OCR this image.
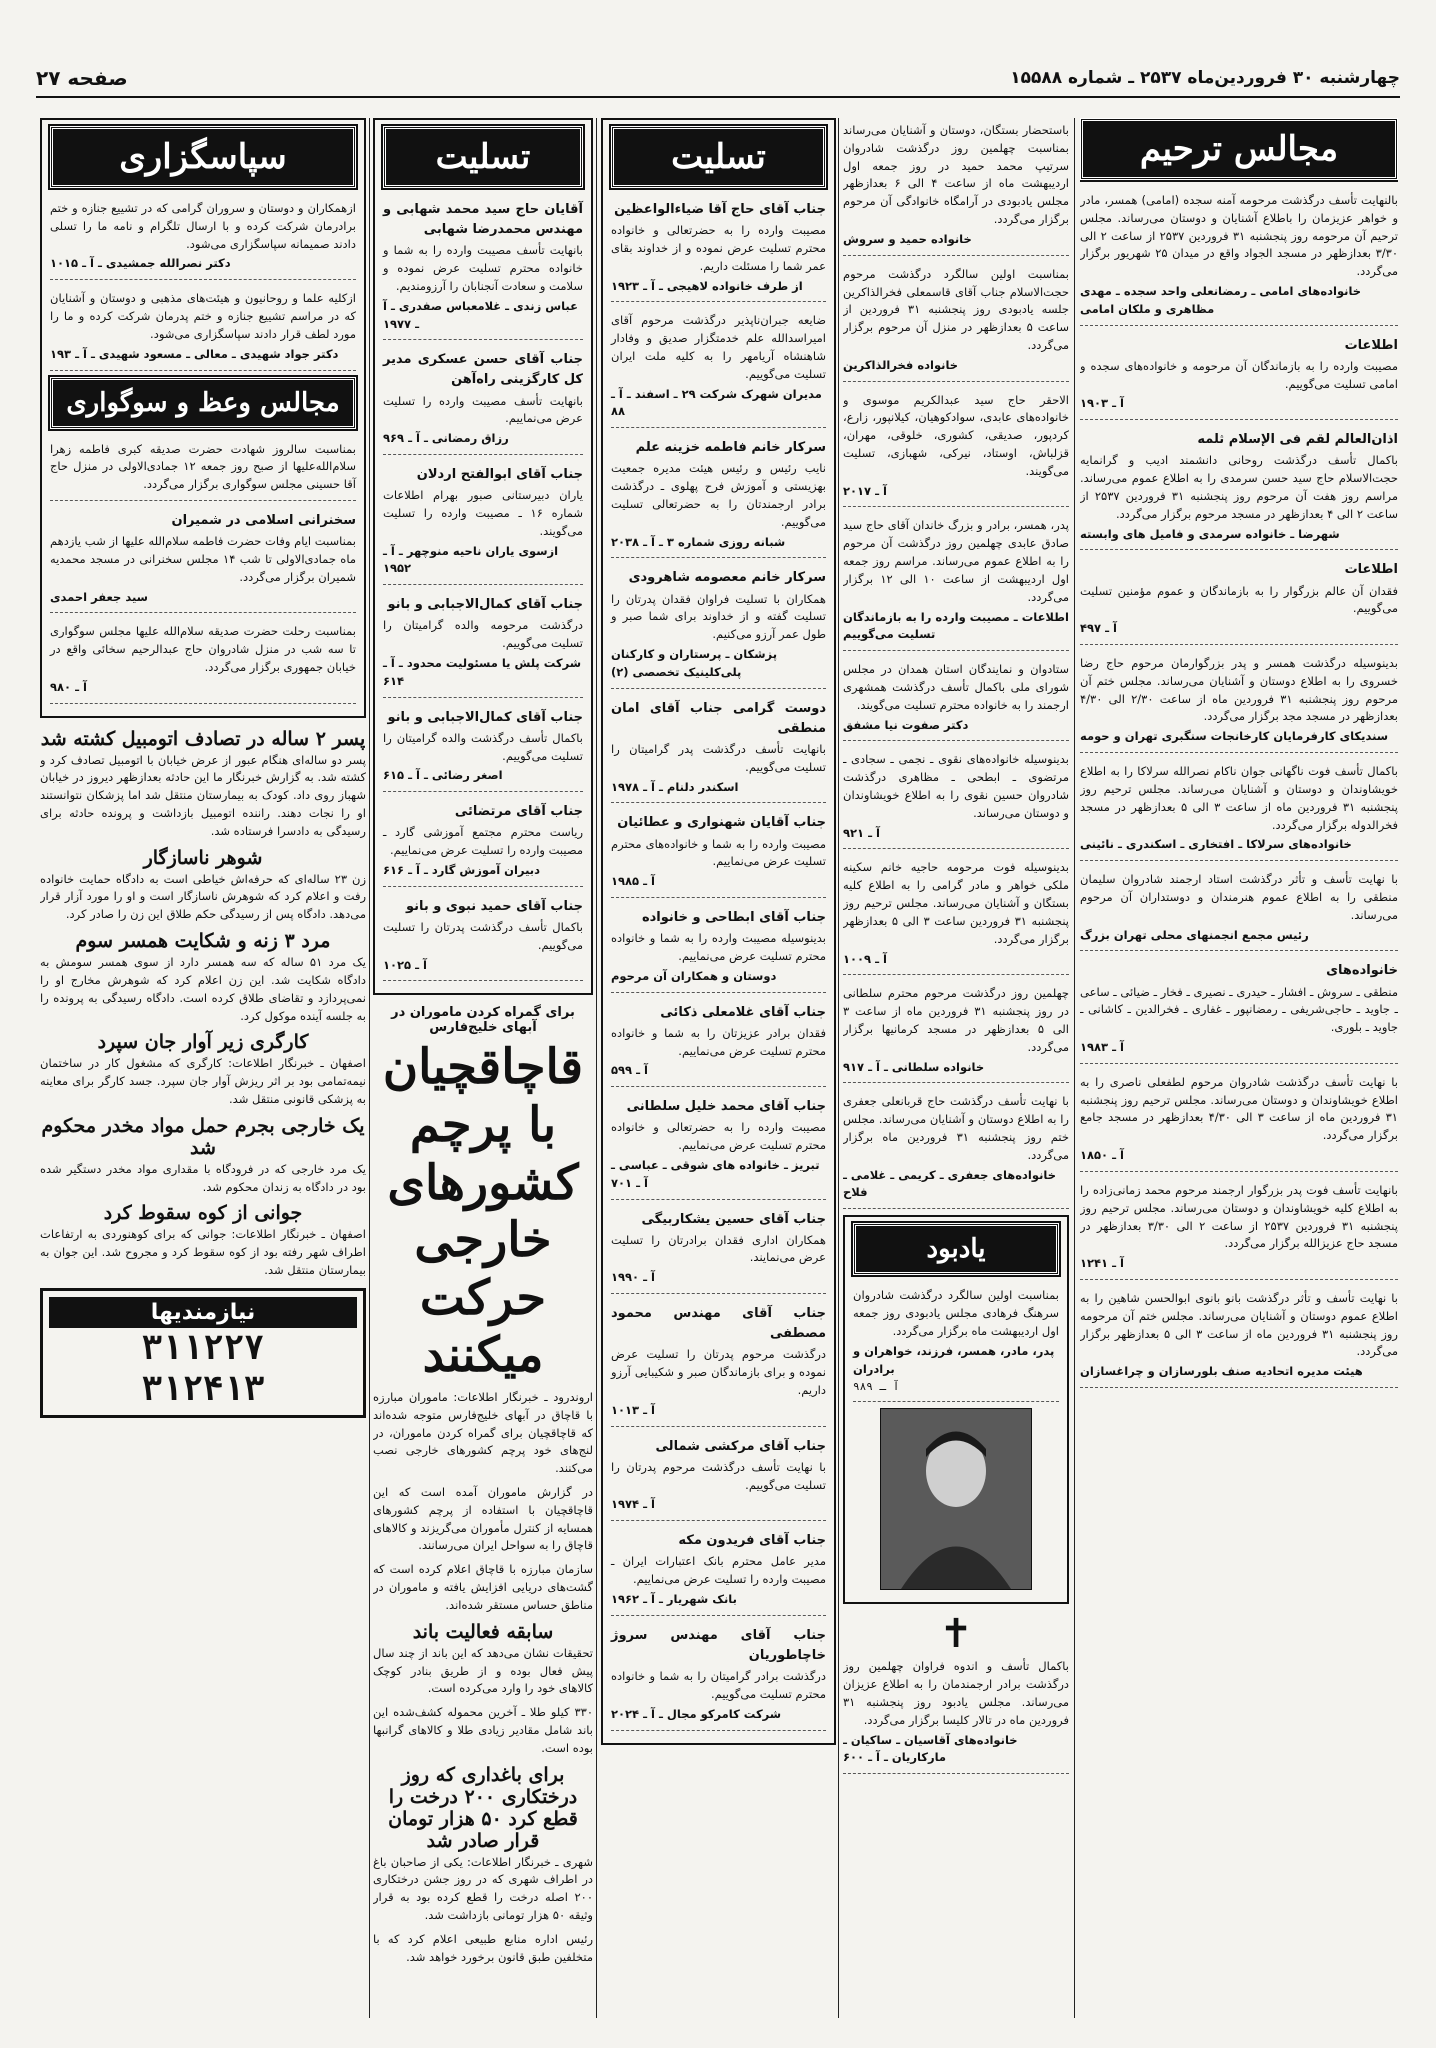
چهارشنبه ۳۰ فروردین‌ماه ۲۵۳۷ ـ شماره ۱۵۵۸۸
صفحه ۲۷
مجالس ترحیم
بالنهایت تأسف درگذشت مرحومه آمنه سجده (امامی) همسر، مادر و خواهر عزیزمان را باطلاع آشنایان و دوستان می‌رساند. مجلس ترحیم آن مرحومه روز پنجشنبه ۳۱ فروردین ۲۵۳۷ از ساعت ۲ الی ۳/۳۰ بعدازظهر در مسجد الجواد واقع در میدان ۲۵ شهریور برگزار می‌گردد.
خانواده‌های امامی ـ رمضانعلی واحد سجده ـ مهدی مظاهری و ملکان امامی
اطلاعات
مصیبت وارده را به بازماندگان آن مرحومه و خانواده‌های سجده و امامی تسلیت می‌گوییم.
آ ـ ۱۹۰۳
اذان‌العالم لقم فی الإسلام ثلمه
باکمال تأسف درگذشت روحانی دانشمند ادیب و گرانمایه حجت‌الاسلام حاج سید حسن سرمدی را به اطلاع عموم می‌رساند. مراسم روز هفت آن مرحوم روز پنجشنبه ۳۱ فروردین ۲۵۳۷ از ساعت ۲ الی ۴ بعدازظهر در مسجد مرحوم برگزار می‌گردد.
شهرضا ـ خانواده سرمدی و فامیل های وابسته
اطلاعات
فقدان آن عالم بزرگوار را به بازماندگان و عموم مؤمنین تسلیت می‌گوییم.
آ ـ ۴۹۷
بدینوسیله درگذشت همسر و پدر بزرگوارمان مرحوم حاج رضا خسروی را به اطلاع دوستان و آشنایان می‌رساند. مجلس ختم آن مرحوم روز پنجشنبه ۳۱ فروردین ماه از ساعت ۲/۳۰ الی ۴/۳۰ بعدازظهر در مسجد مجد برگزار می‌گردد.
سندیکای کارفرمایان کارخانجات سنگبری تهران و حومه
باکمال تأسف فوت ناگهانی جوان ناکام نصرالله سرلاکا را به اطلاع خویشاوندان و دوستان و آشنایان می‌رساند. مجلس ترحیم روز پنجشنبه ۳۱ فروردین ماه از ساعت ۳ الی ۵ بعدازظهر در مسجد فخرالدوله برگزار می‌گردد.
خانواده‌های سرلاکا ـ افتخاری ـ اسکندری ـ نائینی
با نهایت تأسف و تأثر درگذشت استاد ارجمند شادروان سلیمان منطقی را به اطلاع عموم هنرمندان و دوستداران آن مرحوم می‌رساند.
رئیس مجمع انجمنهای محلی تهران بزرگ
خانواده‌های
منطقی ـ سروش ـ افشار ـ حیدری ـ نصیری ـ فخار ـ ضیائی ـ ساعی ـ جاوید ـ حاجی‌شریفی ـ رمضانپور ـ غفاری ـ فخرالدین ـ کاشانی ـ جاوید ـ بلوری.
آ ـ ۱۹۸۳
با نهایت تأسف درگذشت شادروان مرحوم لطفعلی ناصری را به اطلاع خویشاوندان و دوستان می‌رساند. مجلس ترحیم روز پنجشنبه ۳۱ فروردین ماه از ساعت ۳ الی ۴/۳۰ بعدازظهر در مسجد جامع برگزار می‌گردد.
آ ـ ۱۸۵۰
بانهایت تأسف فوت پدر بزرگوار ارجمند مرحوم محمد زمانی‌زاده را به اطلاع کلیه خویشاوندان و دوستان می‌رساند. مجلس ترحیم روز پنجشنبه ۳۱ فروردین ۲۵۳۷ از ساعت ۲ الی ۳/۳۰ بعدازظهر در مسجد حاج عزیزالله برگزار می‌گردد.
آ ـ ۱۲۴۱
با نهایت تأسف و تأثر درگذشت بانو بانوی ابوالحسن شاهین را به اطلاع عموم دوستان و آشنایان می‌رساند. مجلس ختم آن مرحومه روز پنجشنبه ۳۱ فروردین ماه از ساعت ۳ الی ۵ بعدازظهر برگزار می‌گردد.
هیئت مدیره اتحادیه صنف بلورسازان و چراغسازان
باستحضار بستگان، دوستان و آشنایان می‌رساند بمناسبت چهلمین روز درگذشت شادروان سرتیپ محمد حمید در روز جمعه اول اردیبهشت ماه از ساعت ۴ الی ۶ بعدازظهر مجلس یادبودی در آرامگاه خانوادگی آن مرحوم برگزار می‌گردد.
خانواده حمید و سروش
بمناسبت اولین سالگرد درگذشت مرحوم حجت‌الاسلام جناب آقای قاسمعلی فخرالذاکرین جلسه یادبودی روز پنجشنبه ۳۱ فروردین از ساعت ۵ بعدازظهر در منزل آن مرحوم برگزار می‌گردد.
خانواده فخرالذاکرین
الاحقر حاج سید عبدالکریم موسوی و خانواده‌های عابدی، سوادکوهیان، کیلانپور، زارع، کردپور، صدیقی، کشوری، خلوقی، مهران، قزلباش، اوستاد، نیرکی، شهبازی، تسلیت می‌گویند.
آ ـ ۲۰۱۷
پدر، همسر، برادر و بزرگ خاندان آقای حاج سید صادق عابدی چهلمین روز درگذشت آن مرحوم را به اطلاع عموم می‌رساند. مراسم روز جمعه اول اردیبهشت از ساعت ۱۰ الی ۱۲ برگزار می‌گردد.
اطلاعات ـ مصیبت وارده را به بازماندگان تسلیت می‌گوییم
ستادوان و نمایندگان استان همدان در مجلس شورای ملی باکمال تأسف درگذشت همشهری ارجمند را به خانواده محترم تسلیت می‌گویند.
دکتر صفوت نیا مشفق
بدینوسیله خانواده‌های نقوی ـ نجمی ـ سجادی ـ مرتضوی ـ ابطحی ـ مظاهری درگذشت شادروان حسین نقوی را به اطلاع خویشاوندان و دوستان می‌رساند.
آ ـ ۹۲۱
بدینوسیله فوت مرحومه حاجیه خانم سکینه ملکی خواهر و مادر گرامی را به اطلاع کلیه بستگان و آشنایان می‌رساند. مجلس ترحیم روز پنجشنبه ۳۱ فروردین ساعت ۳ الی ۵ بعدازظهر برگزار می‌گردد.
آ ـ ۱۰۰۹
چهلمین روز درگذشت مرحوم محترم سلطانی در روز پنجشنبه ۳۱ فروردین ماه از ساعت ۳ الی ۵ بعدازظهر در مسجد کرمانیها برگزار می‌گردد.
خانواده سلطانی ـ آ ـ ۹۱۷
با نهایت تأسف درگذشت حاج قربانعلی جعفری را به اطلاع دوستان و آشنایان می‌رساند. مجلس ختم روز پنجشنبه ۳۱ فروردین ماه برگزار می‌گردد.
خانواده‌های جعفری ـ کریمی ـ غلامی ـ فلاح
یادبود
بمناسبت اولین سالگرد درگذشت شادروان سرهنگ فرهادی مجلس یادبودی روز جمعه اول اردیبهشت ماه برگزار می‌گردد.
پدر، مادر، همسر، فرزند، خواهران و برادران
آ ـ ۹۸۹
✝
باکمال تأسف و اندوه فراوان چهلمین روز درگذشت برادر ارجمندمان را به اطلاع عزیزان می‌رساند. مجلس یادبود روز پنجشنبه ۳۱ فروردین ماه در تالار کلیسا برگزار می‌گردد.
خانواده‌های آقاسیان ـ ساکیان ـ مارکاریان ـ آ ـ ۶۰۰
تسلیت
جناب آقای حاج آقا ضیاءالواعظین
مصیبت وارده را به حضرتعالی و خانواده محترم تسلیت عرض نموده و از خداوند بقای عمر شما را مسئلت داریم.
از طرف خانواده لاهیجی ـ آ ـ ۱۹۲۳
ضایعه جبران‌ناپذیر درگذشت مرحوم آقای امیراسدالله علم خدمتگزار صدیق و وفادار شاهنشاه آریامهر را به کلیه ملت ایران تسلیت می‌گوییم.
مدیران شهرک شرکت ۲۹ ـ اسفند ـ آ ـ ۸۸
سرکار خانم فاطمه خزینه علم
نایب رئیس و رئیس هیئت مدیره جمعیت بهزیستی و آموزش فرح پهلوی ـ درگذشت برادر ارجمندتان را به حضرتعالی تسلیت می‌گوییم.
شبانه روزی شماره ۳ ـ آ ـ ۲۰۳۸
سرکار خانم معصومه شاهرودی
همکاران با تسلیت فراوان فقدان پدرتان را تسلیت گفته و از خداوند برای شما صبر و طول عمر آرزو می‌کنیم.
پزشکان ـ پرستاران و کارکنان پلی‌کلینیک تخصصی (۲)
دوست گرامی جناب آقای امان منطقی
بانهایت تأسف درگذشت پدر گرامیتان را تسلیت می‌گوییم.
اسکندر دلنام ـ آ ـ ۱۹۷۸
جناب آقایان شهنواری و عطائیان
مصیبت وارده را به شما و خانواده‌های محترم تسلیت عرض می‌نماییم.
آ ـ ۱۹۸۵
جناب آقای ابطاحی و خانواده
بدینوسیله مصیبت وارده را به شما و خانواده محترم تسلیت عرض می‌نماییم.
دوستان و همکاران آن مرحوم
جناب آقای غلامعلی ذکائی
فقدان برادر عزیزتان را به شما و خانواده محترم تسلیت عرض می‌نماییم.
آ ـ ۵۹۹
جناب آقای محمد خلیل سلطانی
مصیبت وارده را به حضرتعالی و خانواده محترم تسلیت عرض می‌نماییم.
تبریز ـ خانواده های شوقی ـ عباسی ـ آ ـ ۷۰۱
جناب آقای حسین یشکاربیگی
همکاران اداری فقدان برادرتان را تسلیت عرض می‌نمایند.
آ ـ ۱۹۹۰
جناب آقای مهندس محمود مصطفی
درگذشت مرحوم پدرتان را تسلیت عرض نموده و برای بازماندگان صبر و شکیبایی آرزو داریم.
آ ـ ۱۰۱۳
جناب آقای مرکشی شمالی
با نهایت تأسف درگذشت مرحوم پدرتان را تسلیت می‌گوییم.
آ ـ ۱۹۷۴
جناب آقای فریدون مکه
مدیر عامل محترم بانک اعتبارات ایران ـ مصیبت وارده را تسلیت عرض می‌نماییم.
بانک شهریار ـ آ ـ ۱۹۶۲
جناب آقای مهندس سروژ خاچاطوریان
درگذشت برادر گرامیتان را به شما و خانواده محترم تسلیت می‌گوییم.
شرکت کامرکو مجال ـ آ ـ ۲۰۲۴
تسلیت
آقایان حاج سید محمد شهابی و مهندس محمدرضا شهابی
بانهایت تأسف مصیبت وارده را به شما و خانواده محترم تسلیت عرض نموده و سلامت و سعادت آنجنابان را آرزومندیم.
عباس زندی ـ غلامعباس صفدری ـ آ ـ ۱۹۷۷
جناب آقای حسن عسکری مدیر کل کارگزینی راه‌آهن
بانهایت تأسف مصیبت وارده را تسلیت عرض می‌نماییم.
رزاق رمضانی ـ آ ـ ۹۶۹
جناب آقای ابوالفتح اردلان
یاران دبیرستانی صبور بهرام اطلاعات شماره ۱۶ ـ مصیبت وارده را تسلیت می‌گویند.
ازسوی یاران ناحیه منوچهر ـ آ ـ ۱۹۵۲
جناب آقای کمال‌الاجبابی و بانو
درگذشت مرحومه والده گرامیتان را تسلیت می‌گوییم.
شرکت پلش یا مسئولیت محدود ـ آ ـ ۶۱۴
جناب آقای کمال‌الاجبابی و بانو
باکمال تأسف درگذشت والده گرامیتان را تسلیت می‌گوییم.
اصغر رضائی ـ آ ـ ۶۱۵
جناب آقای مرتضائی
ریاست محترم مجتمع آموزشی گارد ـ مصیبت وارده را تسلیت عرض می‌نماییم.
دبیران آموزش گارد ـ آ ـ ۶۱۶
جناب آقای حمید نبوی و بانو
باکمال تأسف درگذشت پدرتان را تسلیت می‌گوییم.
آ ـ ۱۰۲۵
برای گمراه کردن ماموران در آبهای خلیج‌فارس
قاچاقچیان با پرچم کشورهای خارجی حرکت میکنند

اروندرود ـ خبرنگار اطلاعات: ماموران مبارزه با قاچاق در آبهای خلیج‌فارس متوجه شده‌اند که قاچاقچیان برای گمراه کردن ماموران، در لنج‌های خود پرچم کشورهای خارجی نصب می‌کنند.

در گزارش ماموران آمده است که این قاچاقچیان با استفاده از پرچم کشورهای همسایه از کنترل مأموران می‌گریزند و کالاهای قاچاق را به سواحل ایران می‌رسانند.

سازمان مبارزه با قاچاق اعلام کرده است که گشت‌های دریایی افزایش یافته و ماموران در مناطق حساس مستقر شده‌اند.

سابقه فعالیت باند

تحقیقات نشان می‌دهد که این باند از چند سال پیش فعال بوده و از طریق بنادر کوچک کالاهای خود را وارد می‌کرده است.

۳۳۰ کیلو طلا ـ آخرین محموله کشف‌شده این باند شامل مقادیر زیادی طلا و کالاهای گرانبها بوده است.

برای باغداری که روز درختکاری ۲۰۰ درخت را قطع کرد ۵۰ هزار تومان قرار صادر شد

شهری ـ خبرنگار اطلاعات: یکی از صاحبان باغ در اطراف شهری که در روز جشن درختکاری ۲۰۰ اصله درخت را قطع کرده بود به قرار وثیقه ۵۰ هزار تومانی بازداشت شد.

رئیس اداره منابع طبیعی اعلام کرد که با متخلفین طبق قانون برخورد خواهد شد.

سپاسگزاری
ازهمکاران و دوستان و سروران گرامی که در تشییع جنازه و ختم برادرمان شرکت کرده و با ارسال تلگرام و نامه ما را تسلی دادند صمیمانه سپاسگزاری می‌شود.
دکتر نصرالله جمشیدی ـ آ ـ ۱۰۱۵
ازکلیه علما و روحانیون و هیئت‌های مذهبی و دوستان و آشنایان که در مراسم تشییع جنازه و ختم پدرمان شرکت کرده و ما را مورد لطف قرار دادند سپاسگزاری می‌شود.
دکتر جواد شهیدی ـ معالی ـ مسعود شهیدی ـ آ ـ ۱۹۳
مجالس وعظ و سوگواری
بمناسبت سالروز شهادت حضرت صدیقه کبری فاطمه زهرا سلام‌الله‌علیها از صبح روز جمعه ۱۲ جمادی‌الاولی در منزل حاج آقا حسینی مجلس سوگواری برگزار می‌گردد.
سخنرانی اسلامی در شمیران
بمناسبت ایام وفات حضرت فاطمه سلام‌الله علیها از شب یازدهم ماه جمادی‌الاولی تا شب ۱۴ مجلس سخنرانی در مسجد محمدیه شمیران برگزار می‌گردد.
سید جعفر احمدی
بمناسبت رحلت حضرت صدیقه سلام‌الله علیها مجلس سوگواری تا سه شب در منزل شادروان حاج عبدالرحیم سخائی واقع در خیابان جمهوری برگزار می‌گردد.
آ ـ ۹۸۰
پسر ۲ ساله در تصادف اتومبیل کشته شد

پسر دو ساله‌ای هنگام عبور از عرض خیابان با اتومبیل تصادف کرد و کشته شد. به گزارش خبرنگار ما این حادثه بعدازظهر دیروز در خیابان شهباز روی داد. کودک به بیمارستان منتقل شد اما پزشکان نتوانستند او را نجات دهند. راننده اتومبیل بازداشت و پرونده حادثه برای رسیدگی به دادسرا فرستاده شد.

شوهر ناسازگار

زن ۲۳ ساله‌ای که حرفه‌اش خیاطی است به دادگاه حمایت خانواده رفت و اعلام کرد که شوهرش ناسازگار است و او را مورد آزار قرار می‌دهد. دادگاه پس از رسیدگی حکم طلاق این زن را صادر کرد.

مرد ۳ زنه و شکایت همسر سوم

یک مرد ۵۱ ساله که سه همسر دارد از سوی همسر سومش به دادگاه شکایت شد. این زن اعلام کرد که شوهرش مخارج او را نمی‌پردازد و تقاضای طلاق کرده است. دادگاه رسیدگی به پرونده را به جلسه آینده موکول کرد.

کارگری زیر آوار جان سپرد

اصفهان ـ خبرنگار اطلاعات: کارگری که مشغول کار در ساختمان نیمه‌تمامی بود بر اثر ریزش آوار جان سپرد. جسد کارگر برای معاینه به پزشکی قانونی منتقل شد.

یک خارجی بجرم حمل مواد مخدر محکوم شد

یک مرد خارجی که در فرودگاه با مقداری مواد مخدر دستگیر شده بود در دادگاه به زندان محکوم شد.

جوانی از کوه سقوط کرد

اصفهان ـ خبرنگار اطلاعات: جوانی که برای کوهنوردی به ارتفاعات اطراف شهر رفته بود از کوه سقوط کرد و مجروح شد. این جوان به بیمارستان منتقل شد.

نیازمندیها
۳۱۱۲۲۷
۳۱۲۴۱۳
